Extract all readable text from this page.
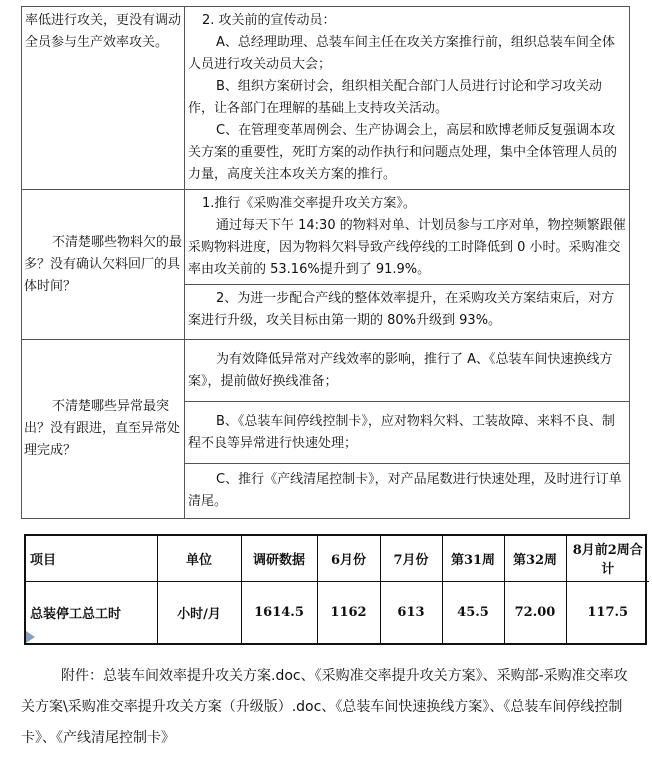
率低进行攻关，更没有调动全员参与生产效率攻关。	2. 攻关前的宣传动员：

A、总经理助理、总装车间主任在攻关方案推行前，组织总装车间全体人员进行攻关动员大会；

B、组织方案研讨会，组织相关配合部门人员进行讨论和学习攻关动作，让各部门在理解的基础上支持攻关活动。

C、在管理变革周例会、生产协调会上，高层和欧博老师反复强调本攻关方案的重要性，死盯方案的动作执行和问题点处理，集中全体管理人员的力量，高度关注本攻关方案的推行。

不清楚哪些物料欠的最多？没有确认欠料回厂的具体时间？	1.推行《采购准交率提升攻关方案》。

通过每天下午 14:30 的物料对单、计划员参与工序对单，物控频繁跟催采购物料进度，因为物料欠料导致产线停线的工时降低到 0 小时。采购准交率由攻关前的 53.16%提升到了 91.9%。

	2、为进一步配合产线的整体效率提升，在采购攻关方案结束后，对方案进行升级，攻关目标由第一期的 80%升级到 93%。

不清楚哪些异常最突出？没有跟进，直至异常处理完成？	为有效降低异常对产线效率的影响，推行了 A、《总装车间快速换线方案》，提前做好换线准备；

	B、《总装车间停线控制卡》，应对物料欠料、工装故障、来料不良、制程不良等异常进行快速处理；

	C、推行《产线清尾控制卡》，对产品尾数进行快速处理，及时进行订单清尾。

项目	单位	调研数据	6月份	7月份	第31周	第32周	8月前2周合计
总装停工总工时	小时/月	1614.5	1162	613	45.5	72.00	117.5

附件：总装车间效率提升攻关方案.doc、《采购准交率提升攻关方案》、采购部-采购准交率攻关方案\采购准交率提升攻关方案（升级版）.doc、《总装车间快速换线方案》、《总装车间停线控制卡》、《产线清尾控制卡》
